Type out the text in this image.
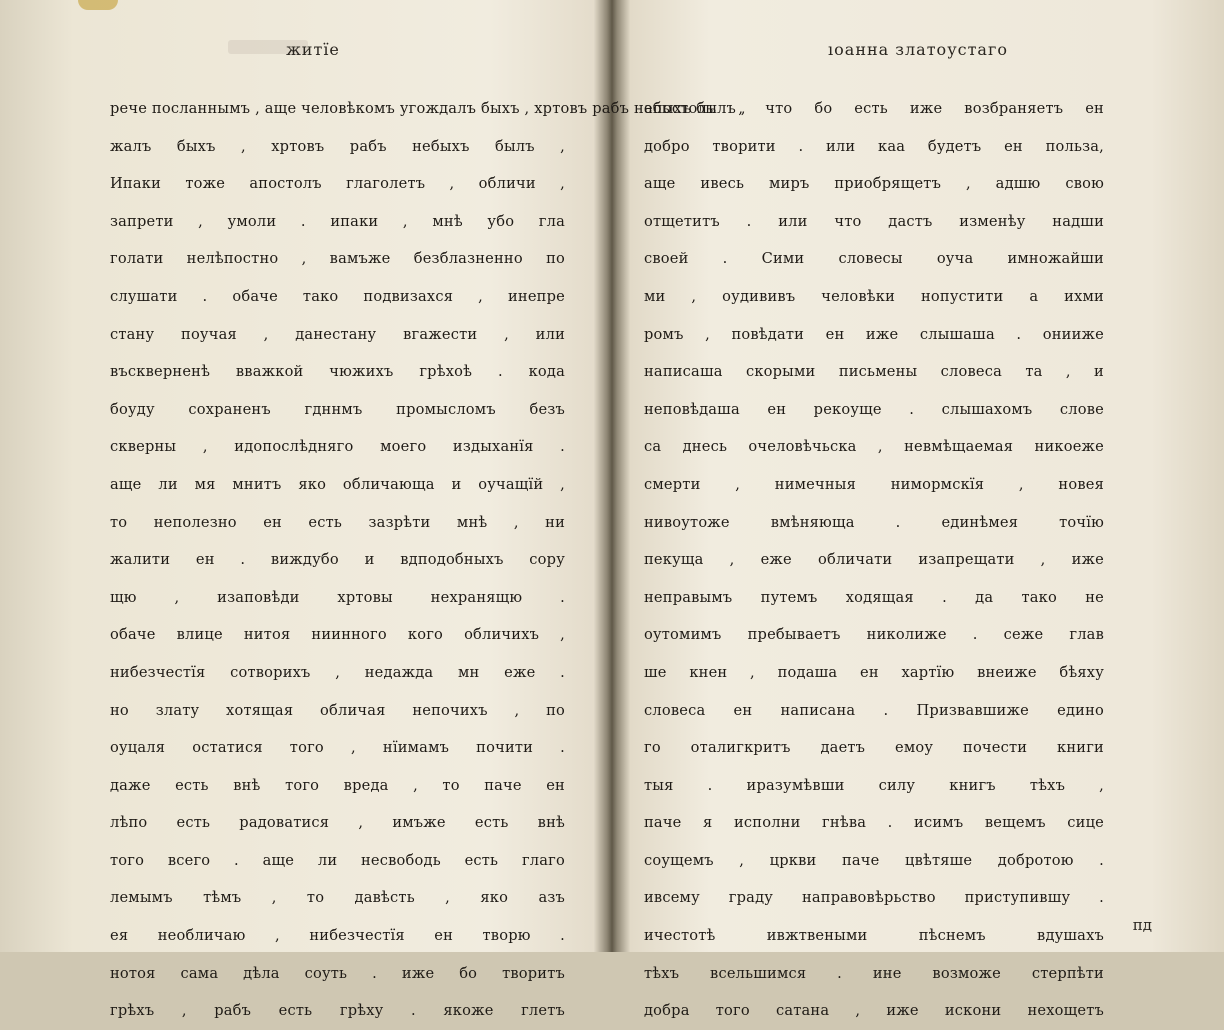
житїе
рече посланнымъ , аще человѣкомъ угождалъ быхъ , хртовъ рабъ небыхъ былъ ,
жалъ быхъ , хртовъ рабъ небыхъ былъ ,
Ипаки тоже апостолъ глаголетъ , обличи ,
запрети , умоли . ипаки , мнѣ убо гла
голати нелѣпостно , вамъже безблазненно по
слушати . обаче тако подвизахся , инепре
стану поучая , данестану вгажести , или
въскверненѣ вважкой чюжихъ грѣхоѣ . кода
боуду сохраненъ гдннмъ промысломъ безъ
скверны , идопослѣдняго моего издыханїя .
аще ли мя мнитъ яко обличающа и оучащїй ,
то неполезно ен есть зазрѣти мнѣ , ни
жалити ен . виждубо и вдподобныхъ сору
щю , изаповѣди хртовы нехранящю .
обаче влице нитоя ниинного кого обличихъ ,
нибезчестїя сотворихъ , недажда мн еже .
но злату хотящая обличая непочихъ , по
оуцаля остатися того , нїимамъ почити .
даже есть внѣ того вреда , то паче ен
лѣпо есть радоватися , имъже есть внѣ
того всего . аще ли несвободь есть глаго
лемымъ тѣмъ , то давѣсть , яко азъ
ея необличаю , нибезчестїя ен творю .
нотоя сама дѣла соуть . иже бо творитъ
грѣхъ , рабъ есть грѣху . якоже глетъ
ıоанна златоустаго
апостолъ , что бо есть иже возбраняетъ ен
добро творити . или каа будетъ ен польза,
аще ивесь миръ приобрящетъ , адшю свою
отщетитъ . или что дастъ изменѣу надши
своей . Сими словесы оуча имножайши
ми , оудививъ человѣки нопустити а ихми
ромъ , повѣдати ен иже слышаша . онииже
написаша скорыми письмены словеса та , и
неповѣдаша ен рекоуще . слышахомъ слове
са днесь очеловѣчьска , невмѣщаемая никоеже
смерти , нимечныя нимормскїя , новея
нивоутоже вмѣняюща . единѣмея точїю
пекуща , еже обличати изапрещати , иже
неправымъ путемъ ходящая . да тако не
оутомимъ пребываетъ николиже . сеже глав
ше кнен , подаша ен хартїю внеиже бѣяху
словеса ен написана . Призвавшиже едино
го оталигкритъ даетъ емоу почести книги
тыя . иразумѣвши силу книгъ тѣхъ ,
паче я исполни гнѣва . исимъ вещемъ сице
соущемъ , цркви паче цвѣтяше добротою .
ивсему граду направовѣрьство приступившу .
ичестотѣ ивжтвеными пѣснемъ вдушахъ
тѣхъ всельшимся . ине возможе стерпѣти
добра того сатана , иже искони нехощетъ
пд
